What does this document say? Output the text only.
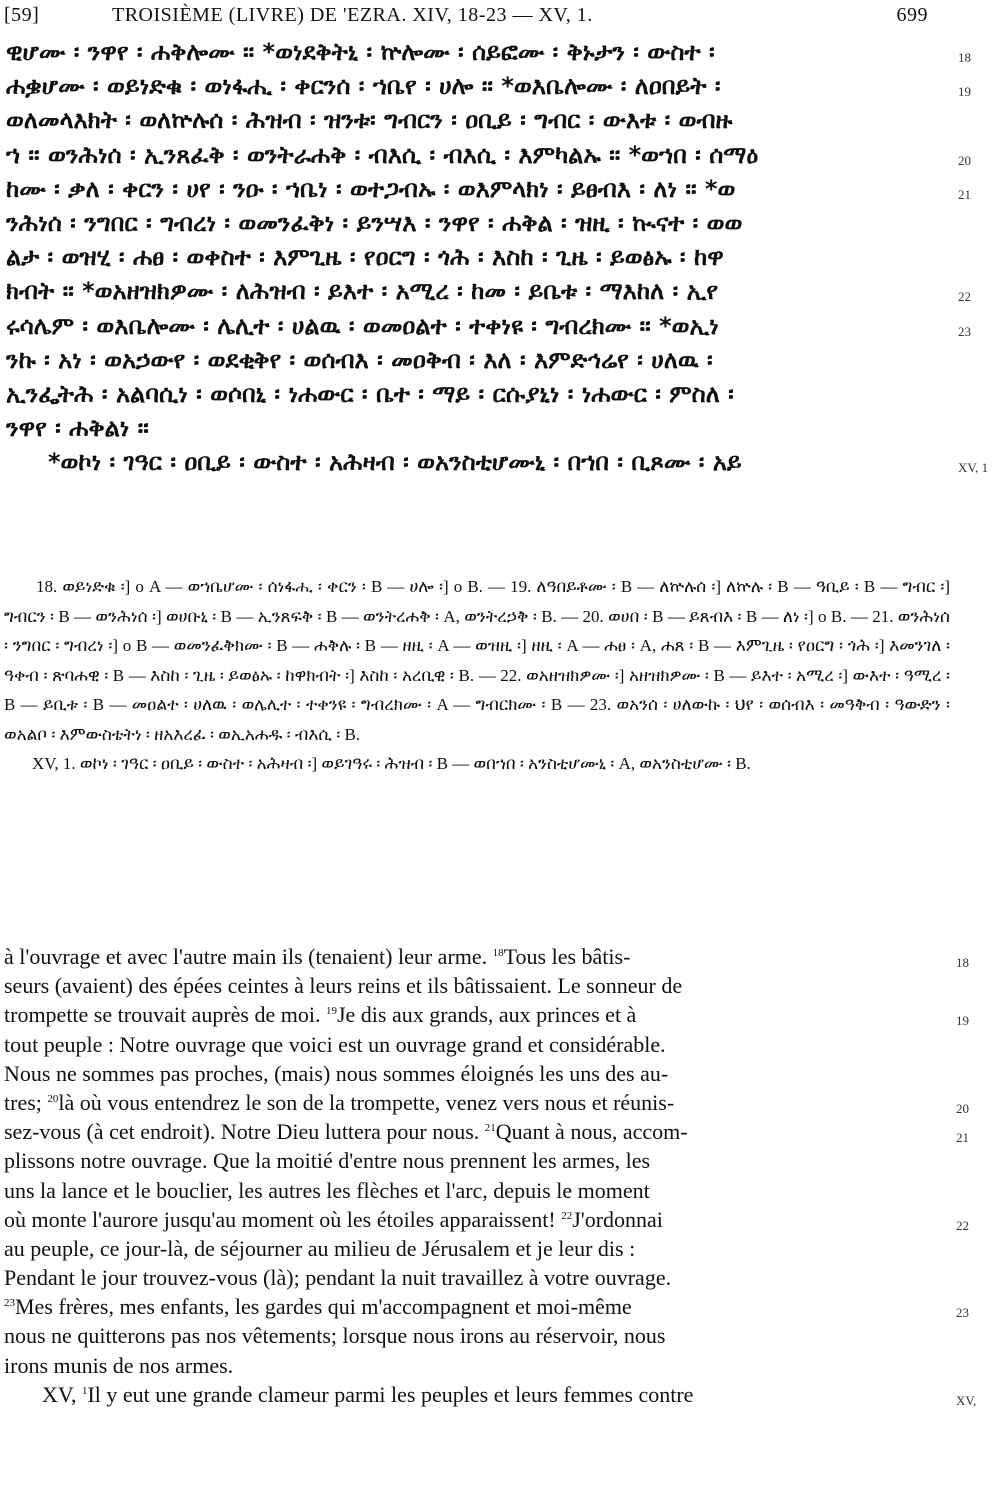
[59]	TROISIÈME (LIVRE) DE 'EZRA. XIV, 18-23 — XV, 1.	699
ዊሆሙ ፡ ንዋየ ፡ ሐቅሎሙ ። *ወነደቅትኒ ፡ ኵሎሙ ፡ ሰይፎሙ ፡ ቅኑታን ፡ ውስተ ፡	18
ሐቌሆሙ ፡ ወይነድቁ ፡ ወነፋሒ ፡ ቀርንሰ ፡ ኀቤየ ፡ ሀሎ ። *ወእቤሎሙ ፡ ለዐበይት ፡	19
ወለመላእክት ፡ ወለኵሉሰ ፡ ሕዝብ ፡ ዝንቱ፡ ግብርን ፡ ዐቢይ ፡ ግብር ፡ ውእቱ ፡ ወብዙ
ኀ ። ወንሕነሰ ፡ ኢንጸፈቅ ፡ ወንትራሐቅ ፡ ብእሲ ፡ ብእሲ ፡ እምካልኡ ። *ወኀበ ፡ ሰማዕ	20
ከሙ ፡ ቃለ ፡ ቀርን ፡ ሀየ ፡ ንዑ ፡ ኀቤነ ፡ ወተጋብኡ ፡ ወእምላክነ ፡ ይፀብእ ፡ ለነ ። *ወ	21
ንሕነሰ ፡ ንግበር ፡ ግብረነ ፡ ወመንፈቅነ ፡ ይንሣእ ፡ ንዋየ ፡ ሐቅል ፡ ዝዚ ፡ ኲናተ ፡ ወወ
ልታ ፡ ወዝሂ ፡ ሐፀ ፡ ወቀስተ ፡ እምጊዜ ፡ የዐርግ ፡ ጎሕ ፡ እስከ ፡ ጊዜ ፡ ይወፅኡ ፡ ከዋ
ክብት ። *ወአዘዝክዎሙ ፡ ለሕዝብ ፡ ይእተ ፡ አሚረ ፡ ከመ ፡ ይቤቱ ፡ ማእከለ ፡ ኢየ	22
ሩሳሌም ፡ ወእቤሎሙ ፡ ሌሊተ ፡ ሀልዉ ፡ ወመዐልተ ፡ ተቀነዩ ፡ ግብረክሙ ። *ወኢነ	23
ንኩ ፡ አነ ፡ ወአኃውየ ፡ ወደቂቅየ ፡ ወሰብእ ፡ መዐቅብ ፡ እለ ፡ እምድኅሬየ ፡ ሀለዉ ፡
ኢንፌትሕ ፡ አልባሲነ ፡ ወሶበኒ ፡ ነሐውር ፡ ቤተ ፡ ማይ ፡ ርሱያኒነ ፡ ነሐውር ፡ ምስለ ፡
ንዋየ ፡ ሐቅልነ ።
*ወኮነ ፡ ገዓር ፡ ዐቢይ ፡ ውስተ ፡ አሕዛብ ፡ ወአንስቲሆሙኒ ፡ በኀበ ፡ ቢጾሙ ፡ አይ	XV, 1

18. ወይነድቁ ፡] ο A — ወኀቤሆሙ ፡ ሰነፋሒ ፡ ቀርን ፡ B — ሀሎ ፡] ο B. — 19. ለዓበይቶሙ ፡ B — ለኵሉሰ ፡] ለኵሉ ፡ B — ዓቢይ ፡ B — ግብር ፡] ግብርን ፡ B — ወንሕነሰ ፡] ወሀቡኒ ፡ B — ኢንጸፍቅ ፡ B — ወንትረሐቅ ፡ A, ወንትረኃቅ ፡ B. — 20. ወሀበ ፡ B — ይጸብእ ፡ B — ለነ ፡] ο B. — 21. ወንሕነሰ ፡ ንግበር ፡ ግብረነ ፡] ο B — ወመንፈቅክሙ ፡ B — ሐቅሉ ፡ B — ዘዚ ፡ A — ወዝዚ ፡] ዘዚ ፡ A — ሐፀ ፡ A, ሐጸ ፡ B — እምጊዜ ፡ የዐርግ ፡ ጎሕ ፡] እመንገለ ፡ ዓቀብ ፡ ጽባሐዊ ፡ B — እስከ ፡ ጊዜ ፡ ይወፅኡ ፡ ከዋክብት ፡] እስከ ፡ አረቢዊ ፡ B. — 22. ወአዘዝክዎሙ ፡] አዘዝክዎሙ ፡ B — ይእተ ፡ አሚረ ፡] ውእተ ፡ ዓሚረ ፡ B — ይቢቱ ፡ B — መዐልተ ፡ ሀለዉ ፡ ወሌሊተ ፡ ተቀንዩ ፡ ግብረክሙ ፡ A — ግብርክሙ ፡ B — 23. ወአንሰ ፡ ሀለውኩ ፡ ህየ ፡ ወሰብእ ፡ መዓቅብ ፡ ዓውድን ፡ ወአልቦ ፡ እምውስቴትነ ፡ ዘአእረፈ ፡ ወኢአሐዱ ፡ ብእሲ ፡ B.

XV, 1. ወኮነ ፡ ገዓር ፡ ዐቢይ ፡ ውስተ ፡ አሕዛብ ፡] ወይገዓሩ ፡ ሕዝብ ፡ B — ወበኀበ ፡ አንስቲሆሙኒ ፡ A, ወአንስቲሆሙ ፡ B.

à l'ouvrage et avec l'autre main ils (tenaient) leur arme. $^{18}$Tous les bâtis-	18
seurs (avaient) des épées ceintes à leurs reins et ils bâtissaient. Le sonneur de
trompette se trouvait auprès de moi. $^{19}$Je dis aux grands, aux princes et à	19
tout peuple : Notre ouvrage que voici est un ouvrage grand et considérable.
Nous ne sommes pas proches, (mais) nous sommes éloignés les uns des au-
tres; $^{20}$là où vous entendrez le son de la trompette, venez vers nous et réunis-	20
sez-vous (à cet endroit). Notre Dieu luttera pour nous. $^{21}$Quant à nous, accom-	21
plissons notre ouvrage. Que la moitié d'entre nous prennent les armes, les
uns la lance et le bouclier, les autres les flèches et l'arc, depuis le moment
où monte l'aurore jusqu'au moment où les étoiles apparaissent! $^{22}$J'ordonnai	22
au peuple, ce jour-là, de séjourner au milieu de Jérusalem et je leur dis :
Pendant le jour trouvez-vous (là); pendant la nuit travaillez à votre ouvrage.
$^{23}$Mes frères, mes enfants, les gardes qui m'accompagnent et moi-même	23
nous ne quitterons pas nos vêtements; lorsque nous irons au réservoir, nous
irons munis de nos armes.
XV, $^1$Il y eut une grande clameur parmi les peuples et leurs femmes contre	XV,
